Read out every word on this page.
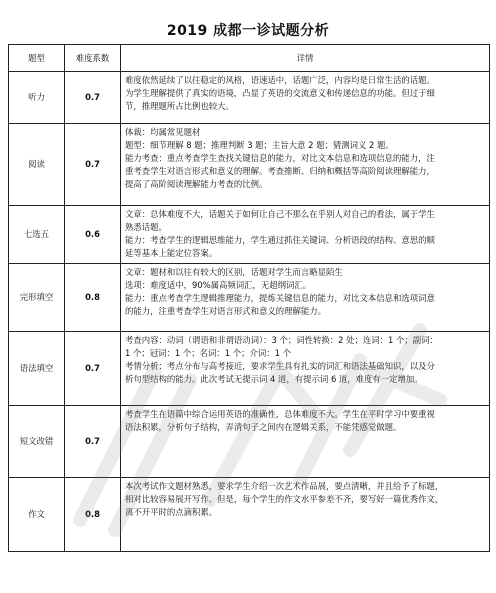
2019 成都一诊试题分析
题型	难度系数	详情
听力	0.7	难度依然延续了以往稳定的风格，语速适中，话题广泛，内容均是日常生活的话题。
为学生理解提供了真实的语境，凸显了英语的交流意义和传递信息的功能。但过于细
节，推理题所占比例也较大。

阅读	0.7	体裁：均属常见题材
题型：细节理解 8 题；推理判断 3 题；主旨大意 2 题；猜测词义 2 题。
能力考查：重点考查学生查找关键信息的能力，对比文本信息和选项信息的能力，注
重考查学生对语言形式和意义的理解。考查推断、归纳和概括等高阶阅读理解能力，
提高了高阶阅读理解能力考查的比例。

七选五	0.6	文章：总体难度不大，话题关于如何让自己不那么在乎别人对自己的看法，属于学生
熟悉话题。
能力：考查学生的逻辑思维能力，学生通过抓住关键词、分析语段的结构、意思的顺
延等基本上能定位答案。

完形填空	0.8	文章：题材和以往有较大的区别，话题对学生而言略显陌生
选项：难度适中，90%属高频词汇，无超纲词汇。
能力：重点考查学生逻辑推理能力，提炼关键信息的能力，对比文本信息和选项词意
的能力，注重考查学生对语言形式和意义的理解能力。

语法填空	0.7	考查内容：动词（谓语和非谓语动词）：3 个；词性转换：2 处；连词：1 个；副词：
1 个；冠词：1 个；名词：1 个；介词：1 个
考情分析：考点分布与高考接近，要求学生具有扎实的词汇和语法基础知识，以及分
析句型结构的能力。此次考试无提示词 4 道，有提示词 6 道，难度有一定增加。

短文改错	0.7	考查学生在语篇中综合运用英语的准确性，总体难度不大。学生在平时学习中要重视
语法积累，分析句子结构，弄清句子之间内在逻辑关系，不能凭感觉做题。

作文	0.8	本次考试作文题材熟悉，要求学生介绍一次艺术作品展，要点清晰，并且给予了标题，
相对比较容易展开写作。但是，每个学生的作文水平参差不齐，要写好一篇优秀作文，
离不开平时的点滴积累。
